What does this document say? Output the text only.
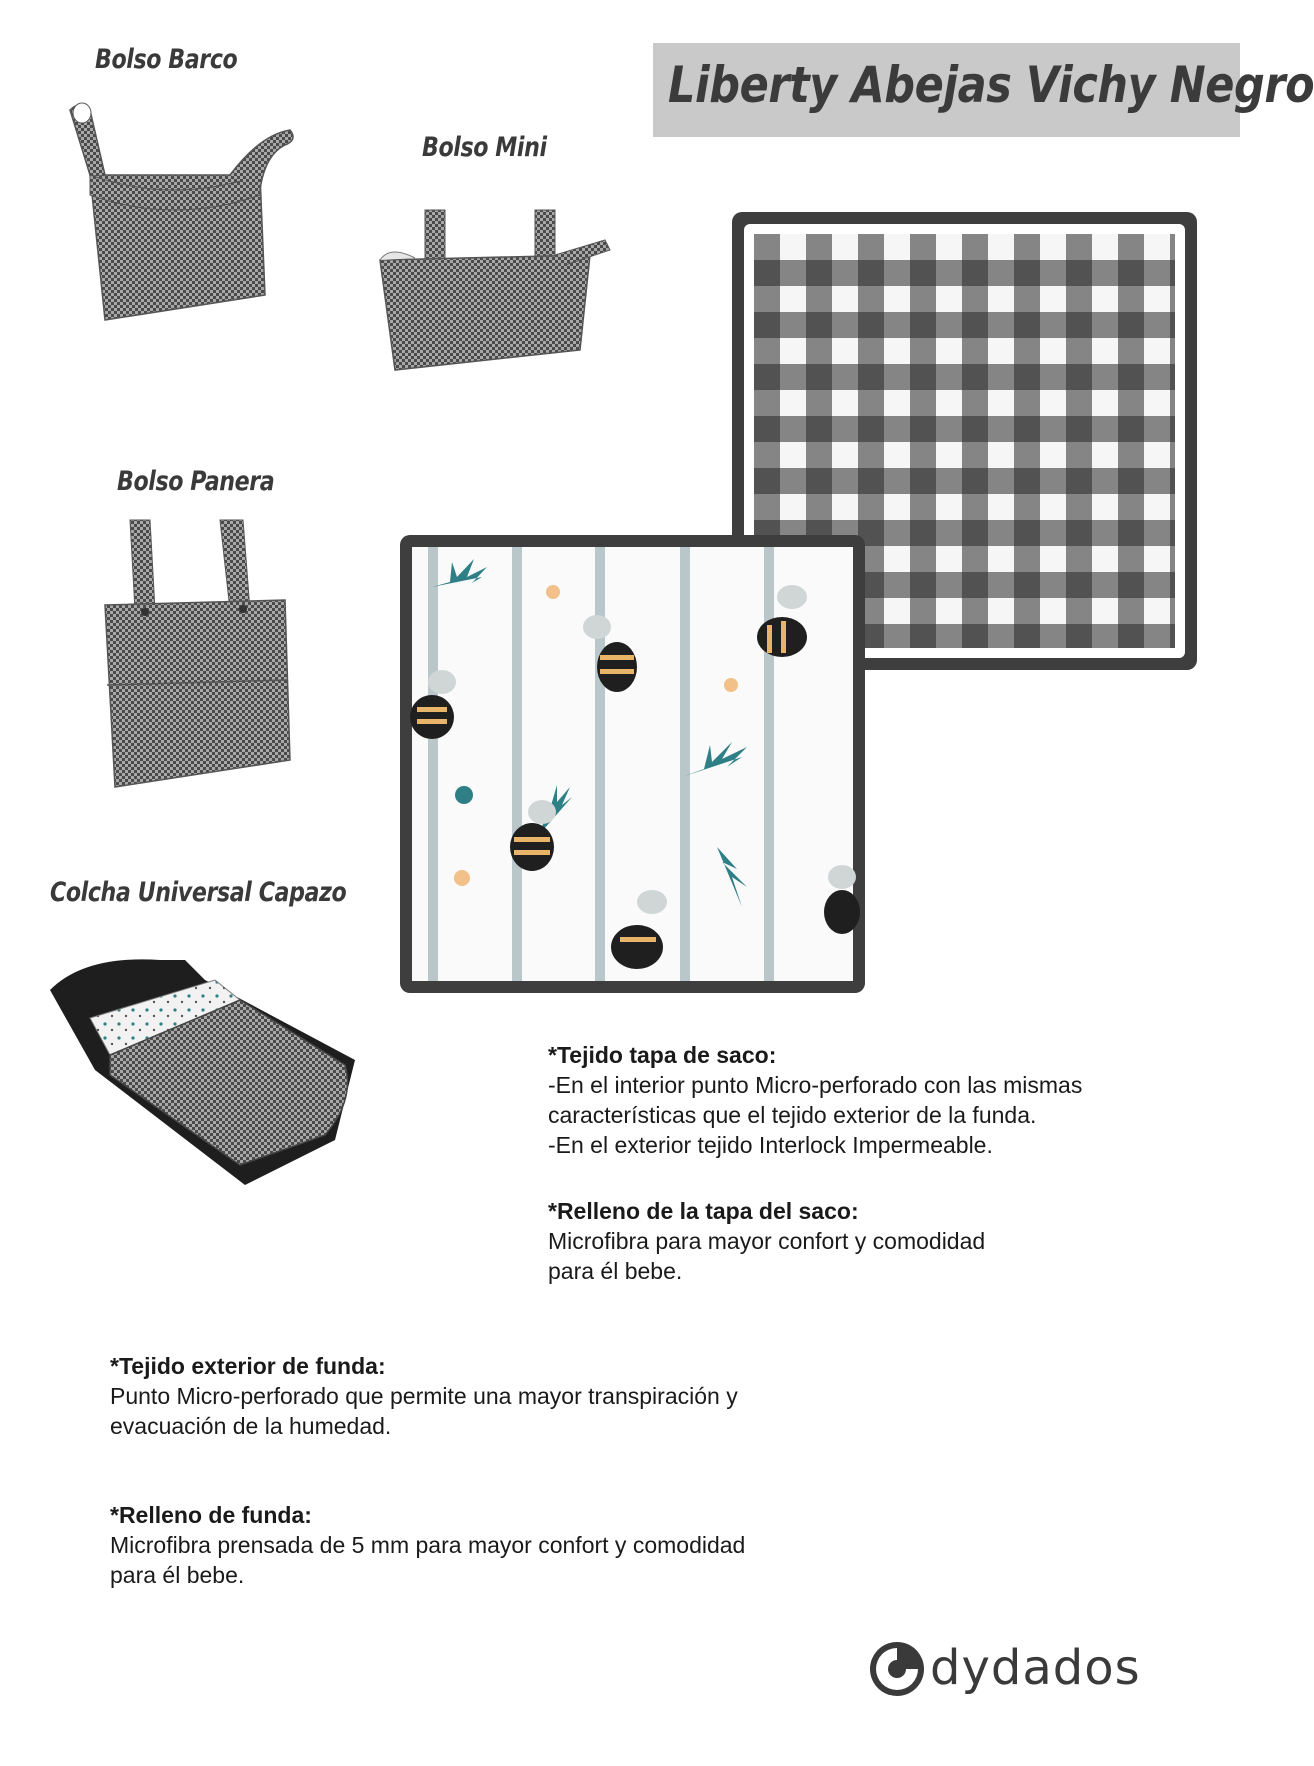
Liberty Abejas Vichy Negro
Bolso Barco
Bolso Mini
Bolso Panera
Colcha Universal Capazo
*Tejido tapa de saco:
-En el interior punto Micro-perforado con las mismas
características que el tejido exterior de la funda.
-En el exterior tejido Interlock Impermeable.
*Relleno de la tapa del saco:
Microfibra para mayor confort y comodidad
para él bebe.
*Tejido exterior de funda:
Punto Micro-perforado que permite una mayor transpiración y
evacuación de la humedad.
*Relleno de funda:
Microfibra prensada de 5 mm para mayor confort y comodidad
para él bebe.
dydados
